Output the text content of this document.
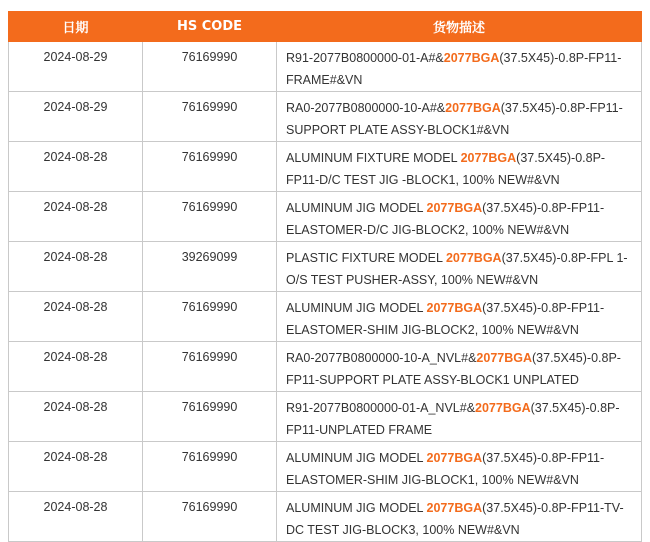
日期	HS CODE	货物描述
2024-08-29	76169990	R91-2077B0800000-01-A#&2077BGA(37.5X45)-0.8P-FP11-FRAME#&VN
2024-08-29	76169990	RA0-2077B0800000-10-A#&2077BGA(37.5X45)-0.8P-FP11-SUPPORT PLATE ASSY-BLOCK1#&VN
2024-08-28	76169990	ALUMINUM FIXTURE MODEL 2077BGA(37.5X45)-0.8P-FP11-D/C TEST JIG -BLOCK1, 100% NEW#&VN
2024-08-28	76169990	ALUMINUM JIG MODEL 2077BGA(37.5X45)-0.8P-FP11-ELASTOMER-D/C JIG-BLOCK2, 100% NEW#&VN
2024-08-28	39269099	PLASTIC FIXTURE MODEL 2077BGA(37.5X45)-0.8P-FPL 1-O/S TEST PUSHER-ASSY, 100% NEW#&VN
2024-08-28	76169990	ALUMINUM JIG MODEL 2077BGA(37.5X45)-0.8P-FP11-ELASTOMER-SHIM JIG-BLOCK2, 100% NEW#&VN
2024-08-28	76169990	RA0-2077B0800000-10-A_NVL#&2077BGA(37.5X45)-0.8P-FP11-SUPPORT PLATE ASSY-BLOCK1 UNPLATED
2024-08-28	76169990	R91-2077B0800000-01-A_NVL#&2077BGA(37.5X45)-0.8P-FP11-UNPLATED FRAME
2024-08-28	76169990	ALUMINUM JIG MODEL 2077BGA(37.5X45)-0.8P-FP11-ELASTOMER-SHIM JIG-BLOCK1, 100% NEW#&VN
2024-08-28	76169990	ALUMINUM JIG MODEL 2077BGA(37.5X45)-0.8P-FP11-TV-DC TEST JIG-BLOCK3, 100% NEW#&VN
